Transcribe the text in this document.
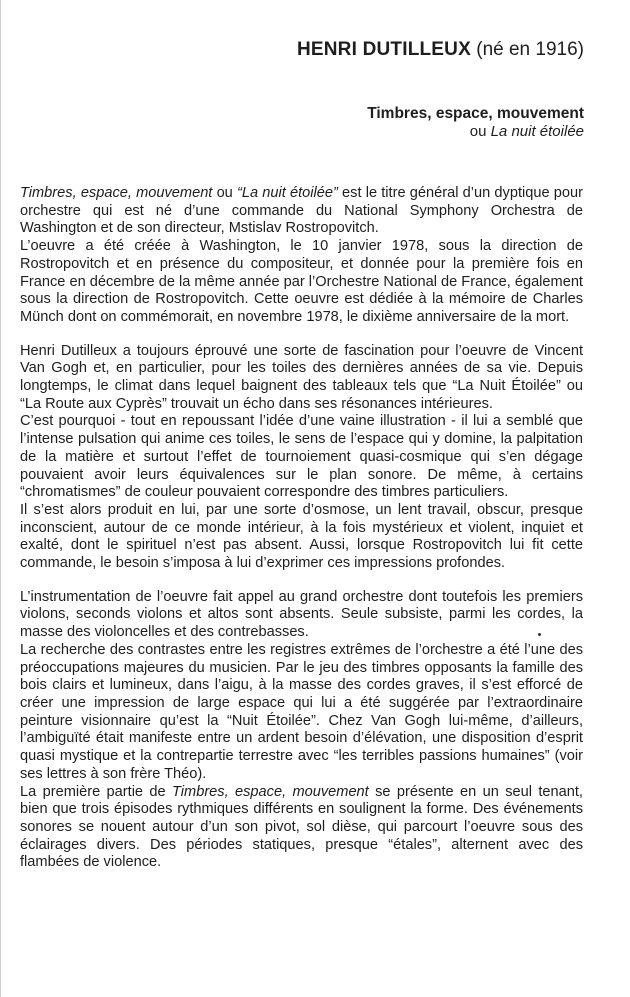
HENRI DUTILLEUX (né en 1916)
Timbres, espace, mouvement
ou La nuit étoilée

Timbres, espace, mouvement ou “La nuit étoilée” est le titre général d’un dyptique pour orchestre qui est né d’une commande du National Symphony Orchestra de Washington et de son directeur, Mstislav Rostropovitch.

L’oeuvre a été créée à Washington, le 10 janvier 1978, sous la direction de Rostropovitch et en présence du compositeur, et donnée pour la première fois en France en décembre de la même année par l’Orchestre National de France, également sous la direction de Rostropovitch. Cette oeuvre est dédiée à la mémoire de Charles Münch dont on commémorait, en novembre 1978, le dixième anniversaire de la mort.

Henri Dutilleux a toujours éprouvé une sorte de fascination pour l’oeuvre de Vincent Van Gogh et, en particulier, pour les toiles des dernières années de sa vie. Depuis longtemps, le climat dans lequel baignent des tableaux tels que “La Nuit Étoilée” ou “La Route aux Cyprès” trouvait un écho dans ses résonances intérieures.

C’est pourquoi - tout en repoussant l’idée d’une vaine illustration - il lui a semblé que l’intense pulsation qui anime ces toiles, le sens de l’espace qui y domine, la palpitation de la matière et surtout l’effet de tournoiement quasi-cosmique qui s’en dégage pouvaient avoir leurs équivalences sur le plan sonore. De même, à certains “chromatismes” de couleur pouvaient correspondre des timbres particuliers.

Il s’est alors produit en lui, par une sorte d’osmose, un lent travail, obscur, presque inconscient, autour de ce monde intérieur, à la fois mystérieux et violent, inquiet et exalté, dont le spirituel n’est pas absent. Aussi, lorsque Rostropovitch lui fit cette commande, le besoin s’imposa à lui d’exprimer ces impressions profondes.

L’instrumentation de l’oeuvre fait appel au grand orchestre dont toutefois les premiers violons, seconds violons et altos sont absents. Seule subsiste, parmi les cordes, la masse des violoncelles et des contrebasses.

La recherche des contrastes entre les registres extrêmes de l’orchestre a été l’une des préoccupations majeures du musicien. Par le jeu des timbres opposants la famille des bois clairs et lumineux, dans l’aigu, à la masse des cordes graves, il s’est efforcé de créer une impression de large espace qui lui a été suggérée par l’extraordinaire peinture visionnaire qu’est la “Nuit Étoilée”. Chez Van Gogh lui-même, d’ailleurs, l’ambiguïté était manifeste entre un ardent besoin d’élévation, une disposition d’esprit quasi mystique et la contrepartie terrestre avec “les terribles passions humaines” (voir ses lettres à son frère Théo).

La première partie de Timbres, espace, mouvement se présente en un seul tenant, bien que trois épisodes rythmiques différents en soulignent la forme. Des événements sonores se nouent autour d’un son pivot, sol dièse, qui parcourt l’oeuvre sous des éclairages divers. Des périodes statiques, presque “étales”, alternent avec des flambées de violence.
